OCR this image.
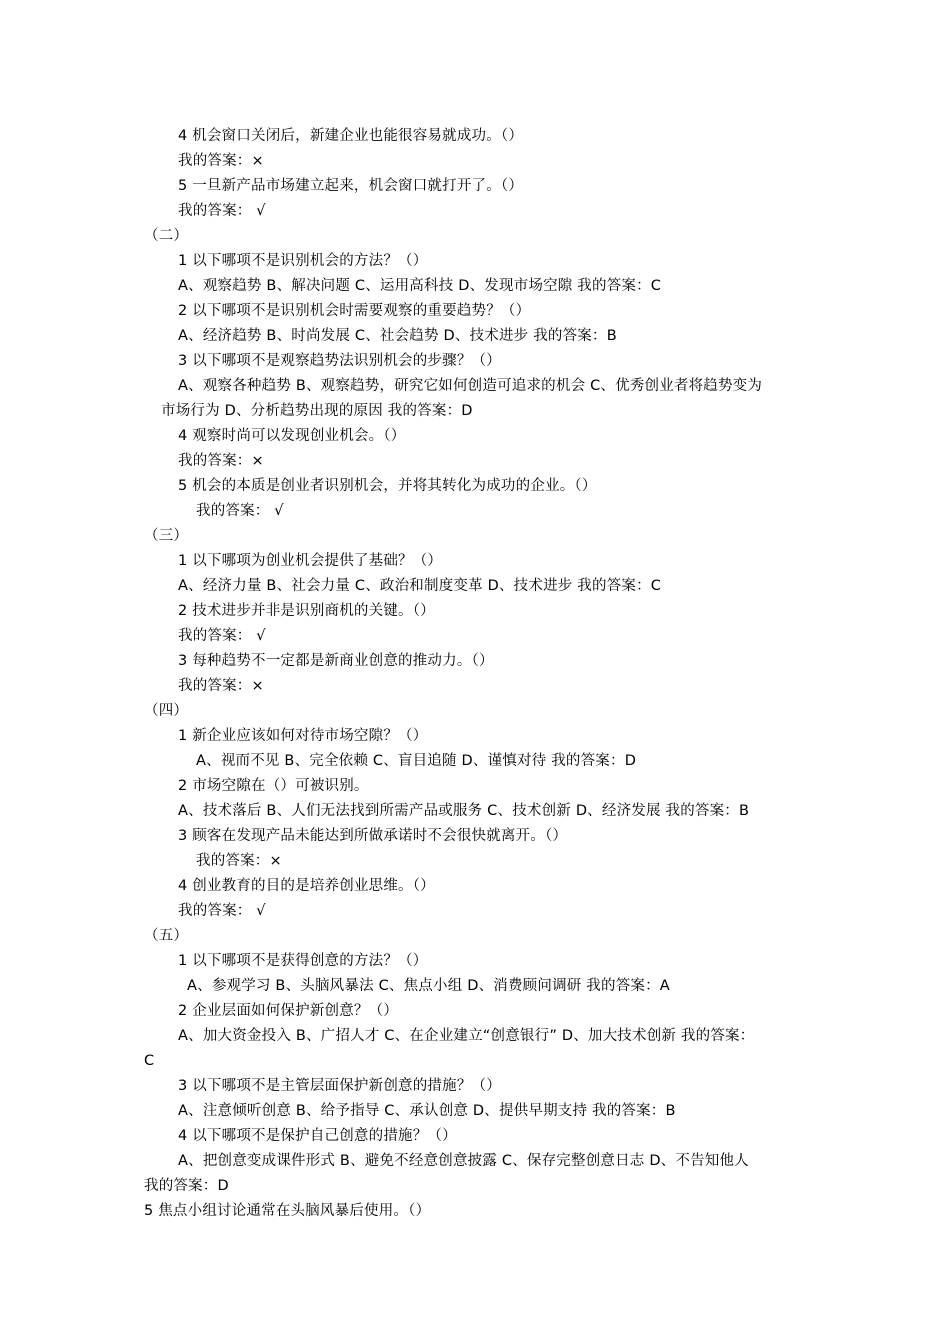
4 机会窗口关闭后，新建企业也能很容易就成功。（）
我的答案：×
5 一旦新产品市场建立起来，机会窗口就打开了。（）
我的答案： √
（二）
1 以下哪项不是识别机会的方法？（）
A、观察趋势 B、解决问题 C、运用高科技 D、发现市场空隙 我的答案：C
2 以下哪项不是识别机会时需要观察的重要趋势？（）
A、经济趋势 B、时尚发展 C、社会趋势 D、技术进步 我的答案：B
3 以下哪项不是观察趋势法识别机会的步骤？（）
A、观察各种趋势 B、观察趋势，研究它如何创造可追求的机会 C、优秀创业者将趋势变为
市场行为 D、分析趋势出现的原因 我的答案：D
4 观察时尚可以发现创业机会。（）
我的答案：×
5 机会的本质是创业者识别机会，并将其转化为成功的企业。（）
我的答案： √
（三）
1 以下哪项为创业机会提供了基础？（）
A、经济力量 B、社会力量 C、政治和制度变革 D、技术进步 我的答案：C
2 技术进步并非是识别商机的关键。（）
我的答案： √
3 每种趋势不一定都是新商业创意的推动力。（）
我的答案：×
（四）
1 新企业应该如何对待市场空隙？（）
A、视而不见 B、完全依赖 C、盲目追随 D、谨慎对待 我的答案：D
2 市场空隙在（）可被识别。
A、技术落后 B、人们无法找到所需产品或服务 C、技术创新 D、经济发展 我的答案：B
3 顾客在发现产品未能达到所做承诺时不会很快就离开。（）
我的答案：×
4 创业教育的目的是培养创业思维。（）
我的答案： √
（五）
1 以下哪项不是获得创意的方法？（）
A、参观学习 B、头脑风暴法 C、焦点小组 D、消费顾问调研 我的答案：A
2 企业层面如何保护新创意？（）
A、加大资金投入 B、广招人才 C、在企业建立“创意银行” D、加大技术创新 我的答案：
C
3 以下哪项不是主管层面保护新创意的措施？（）
A、注意倾听创意 B、给予指导 C、承认创意 D、提供早期支持 我的答案：B
4 以下哪项不是保护自己创意的措施？（）
A、把创意变成课件形式 B、避免不经意创意披露 C、保存完整创意日志 D、不告知他人
我的答案：D
5 焦点小组讨论通常在头脑风暴后使用。（）
